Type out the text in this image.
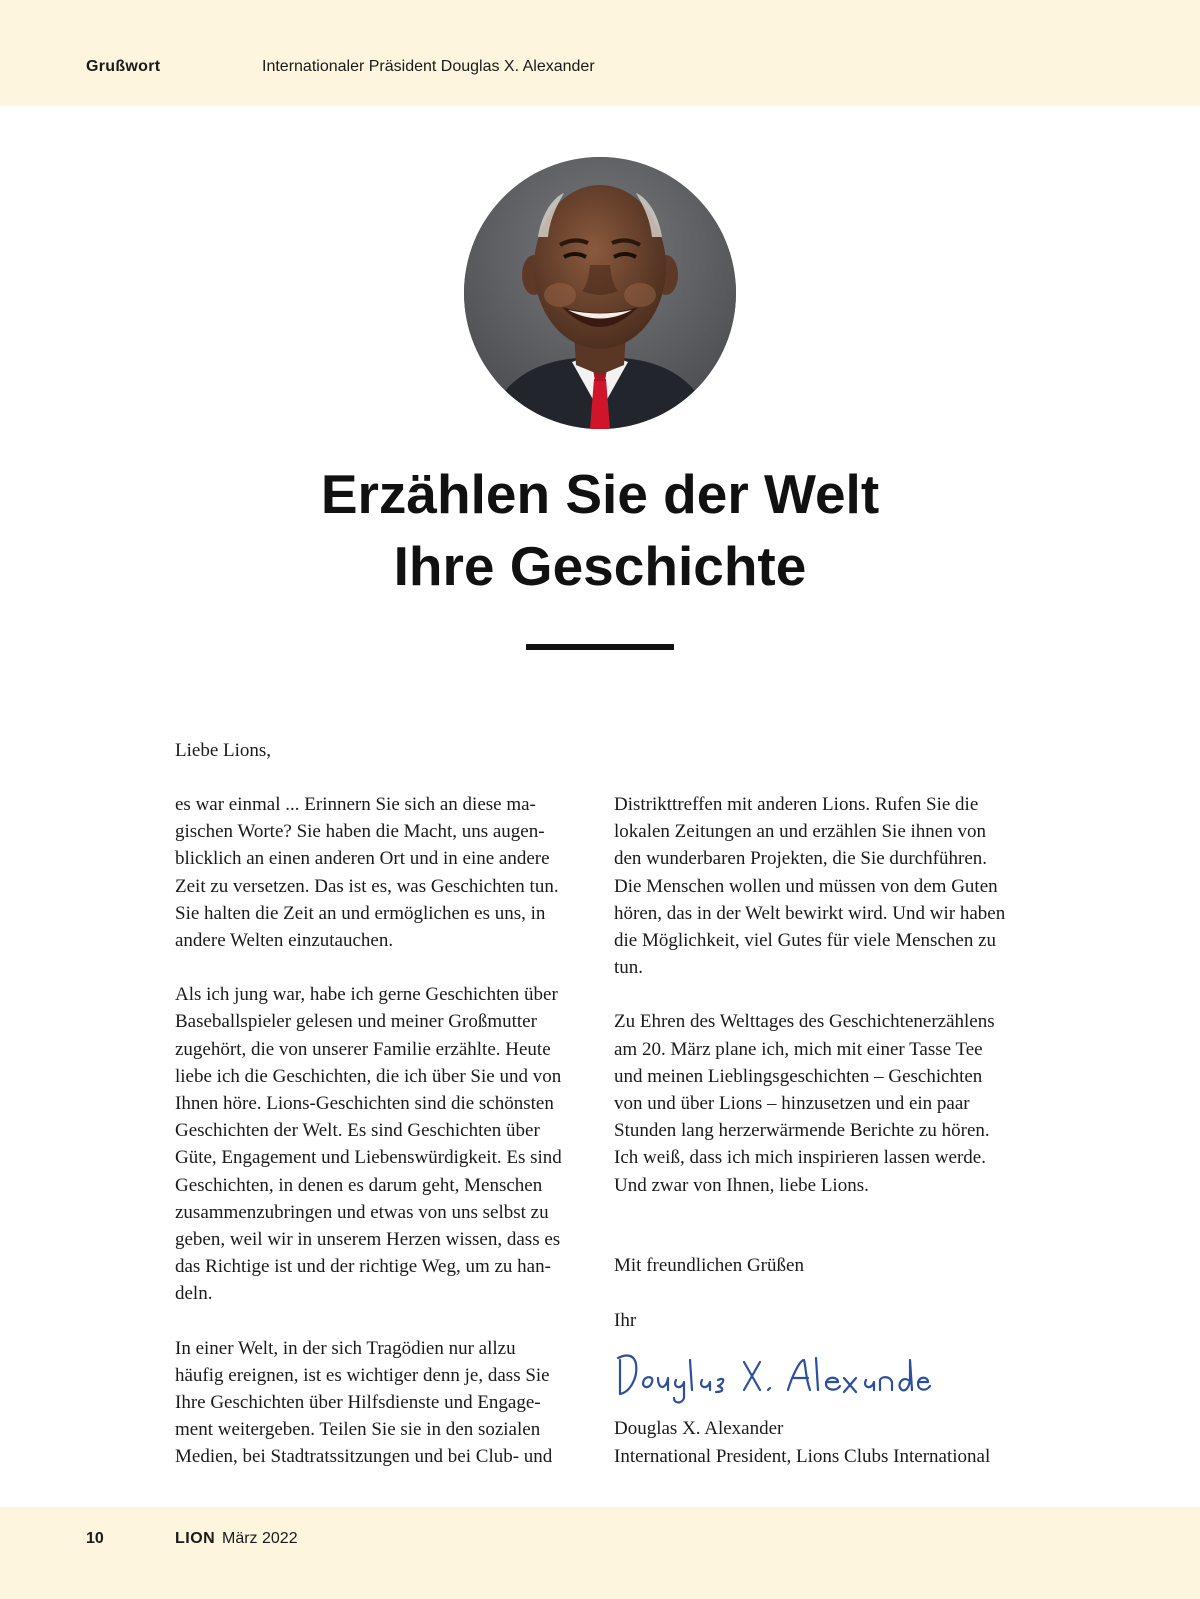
Grußwort	Internationaler Präsident Douglas X. Alexander
Erzählen Sie der Welt
Ihre Geschichte
Liebe Lions,

es war einmal ... Erinnern Sie sich an diese ma-

gischen Worte? Sie haben die Macht, uns augen-

blicklich an einen anderen Ort und in eine andere

Zeit zu versetzen. Das ist es, was Geschichten tun.

Sie halten die Zeit an und ermöglichen es uns, in

andere Welten einzutauchen.

Als ich jung war, habe ich gerne Geschichten über

Baseballspieler gelesen und meiner Großmutter

zugehört, die von unserer Familie erzählte. Heute

liebe ich die Geschichten, die ich über Sie und von

Ihnen höre. Lions-Geschichten sind die schönsten

Geschichten der Welt. Es sind Geschichten über

Güte, Engagement und Liebenswürdigkeit. Es sind

Geschichten, in denen es darum geht, Menschen

zusammenzubringen und etwas von uns selbst zu

geben, weil wir in unserem Herzen wissen, dass es

das Richtige ist und der richtige Weg, um zu han-

deln.

In einer Welt, in der sich Tragödien nur allzu

häufig ereignen, ist es wichtiger denn je, dass Sie

Ihre Geschichten über Hilfsdienste und Engage-

ment weitergeben. Teilen Sie sie in den sozialen

Medien, bei Stadtratssitzungen und bei Club- und

Distrikttreffen mit anderen Lions. Rufen Sie die

lokalen Zeitungen an und erzählen Sie ihnen von

den wunderbaren Projekten, die Sie durchführen.

Die Menschen wollen und müssen von dem Guten

hören, das in der Welt bewirkt wird. Und wir haben

die Möglichkeit, viel Gutes für viele Menschen zu

tun.

Zu Ehren des Welttages des Geschichtenerzählens

am 20. März plane ich, mich mit einer Tasse Tee

und meinen Lieblingsgeschichten – Geschichten

von und über Lions – hinzusetzen und ein paar

Stunden lang herzerwärmende Berichte zu hören.

Ich weiß, dass ich mich inspirieren lassen werde.

Und zwar von Ihnen, liebe Lions.

Mit freundlichen Grüßen
Ihr
Douglas X. Alexander
International President, Lions Clubs International
10	LION März 2022
